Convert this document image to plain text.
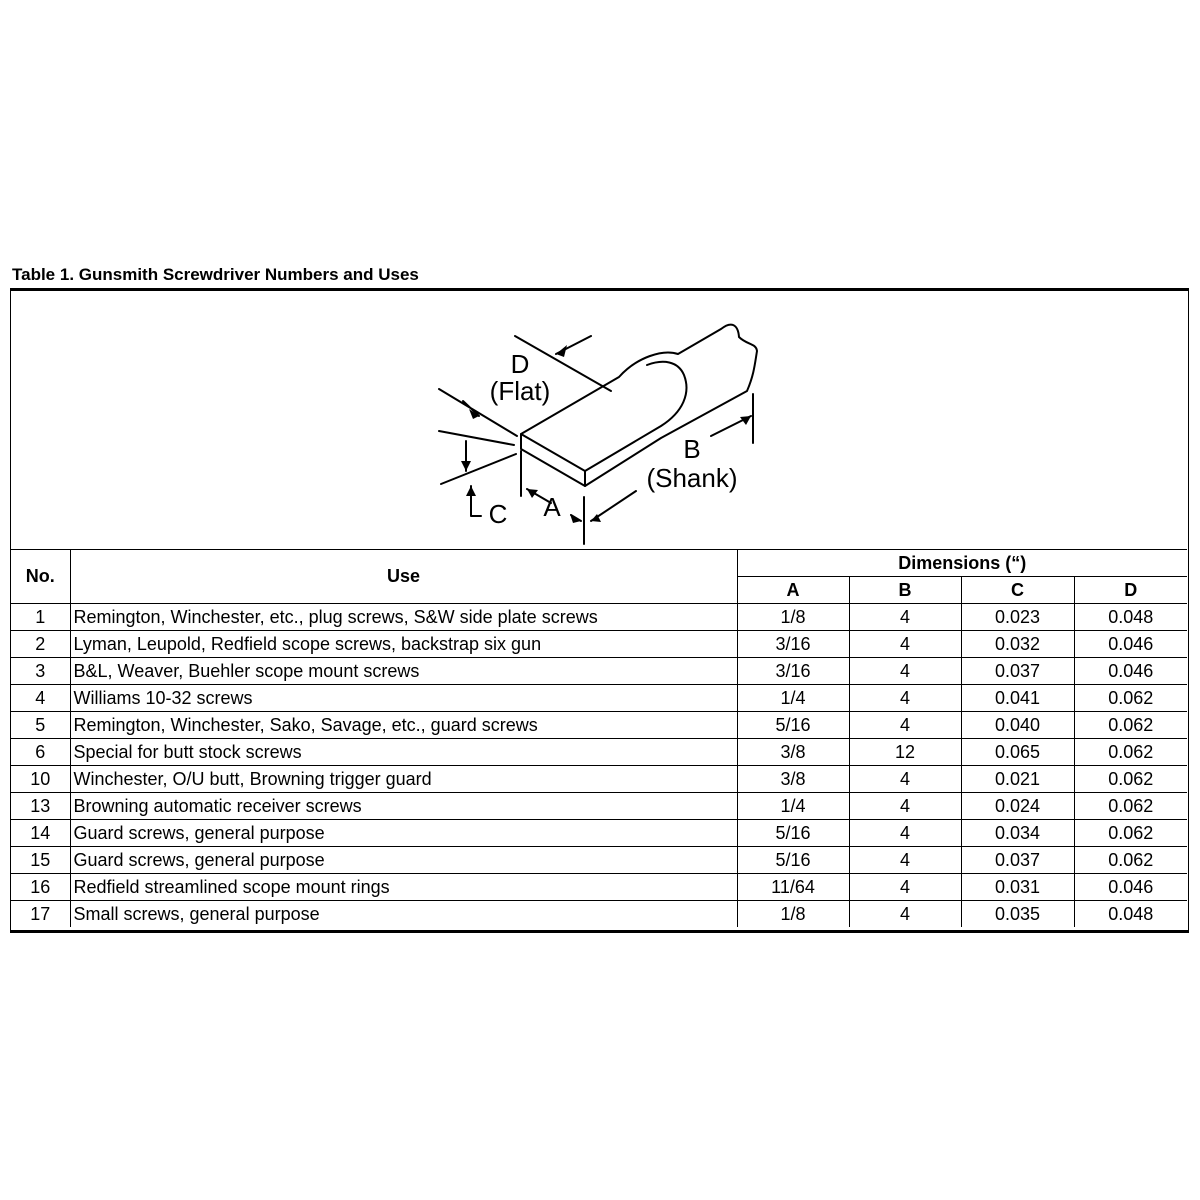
Table 1. Gunsmith Screwdriver Numbers and Uses
D
(Flat)
B
(Shank)
A
C
No.	Use	Dimensions (“)			
		A	B	C	D
1	Remington, Winchester, etc., plug screws, S&W side plate screws	1/8	4	0.023	0.048
2	Lyman, Leupold, Redfield scope screws, backstrap six gun	3/16	4	0.032	0.046
3	B&L, Weaver, Buehler scope mount screws	3/16	4	0.037	0.046
4	Williams 10-32 screws	1/4	4	0.041	0.062
5	Remington, Winchester, Sako, Savage, etc., guard screws	5/16	4	0.040	0.062
6	Special for butt stock screws	3/8	12	0.065	0.062
10	Winchester, O/U butt, Browning trigger guard	3/8	4	0.021	0.062
13	Browning automatic receiver screws	1/4	4	0.024	0.062
14	Guard screws, general purpose	5/16	4	0.034	0.062
15	Guard screws, general purpose	5/16	4	0.037	0.062
16	Redfield streamlined scope mount rings	11/64	4	0.031	0.046
17	Small screws, general purpose	1/8	4	0.035	0.048
